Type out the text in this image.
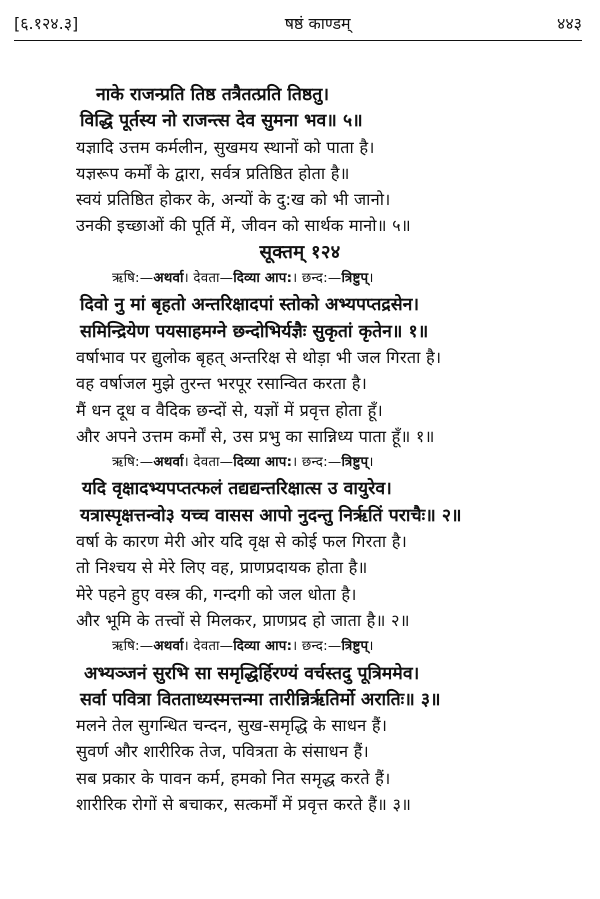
[६.१२४.३]	षष्ठं काण्डम्	४४३
नाके राजन्प्रति तिष्ठ तत्रैतत्प्रति तिष्ठतु।
विद्धि पूर्तस्य नो राजन्त्स देव सुमना भव॥ ५॥
यज्ञादि उत्तम कर्मलीन, सुखमय स्थानों को पाता है।
यज्ञरूप कर्मों के द्वारा, सर्वत्र प्रतिष्ठित होता है॥
स्वयं प्रतिष्ठित होकर के, अन्यों के दु:ख को भी जानो।
उनकी इच्छाओं की पूर्ति में, जीवन को सार्थक मानो॥ ५॥
सूक्तम् १२४
ऋषि:—अथर्वा। देवता—दिव्या आप:। छन्द:—त्रिष्टुप्।
दिवो नु मां बृहतो अन्तरिक्षादपां स्तोको अभ्यपप्तद्रसेन।
समिन्द्रियेण पयसाहमग्ने छन्दोभिर्यज्ञैः सुकृतां कृतेन॥ १॥
वर्षाभाव पर द्युलोक बृहत् अन्तरिक्ष से थोड़ा भी जल गिरता है।
वह वर्षाजल मुझे तुरन्त भरपूर रसान्वित करता है।
मैं धन दूध व वैदिक छन्दों से, यज्ञों में प्रवृत्त होता हूँ।
और अपने उत्तम कर्मों से, उस प्रभु का सान्निध्य पाता हूँ॥ १॥
ऋषि:—अथर्वा। देवता—दिव्या आप:। छन्द:—त्रिष्टुप्।
यदि वृक्षादभ्यपप्तत्फलं तद्यद्यन्तरिक्षात्स उ वायुरेव।
यत्रास्पृक्षत्तन्वो३ यच्च वासस आपो नुदन्तु निर्ऋतिं पराचैः॥ २॥
वर्षा के कारण मेरी ओर यदि वृक्ष से कोई फल गिरता है।
तो निश्चय से मेरे लिए वह, प्राणप्रदायक होता है॥
मेरे पहने हुए वस्त्र की, गन्दगी को जल धोता है।
और भूमि के तत्त्वों से मिलकर, प्राणप्रद हो जाता है॥ २॥
ऋषि:—अथर्वा। देवता—दिव्या आप:। छन्द:—त्रिष्टुप्।
अभ्यञ्जनं सुरभि सा समृद्धिर्हिरण्यं वर्चस्तदु पूत्रिममेव।
सर्वा पवित्रा वितताध्यस्मत्तन्मा तारीन्निर्ऋतिर्मो अरातिः॥ ३॥
मलने तेल सुगन्धित चन्दन, सुख-समृद्धि के साधन हैं।
सुवर्ण और शारीरिक तेज, पवित्रता के संसाधन हैं।
सब प्रकार के पावन कर्म, हमको नित समृद्ध करते हैं।
शारीरिक रोगों से बचाकर, सत्कर्मों में प्रवृत्त करते हैं॥ ३॥
